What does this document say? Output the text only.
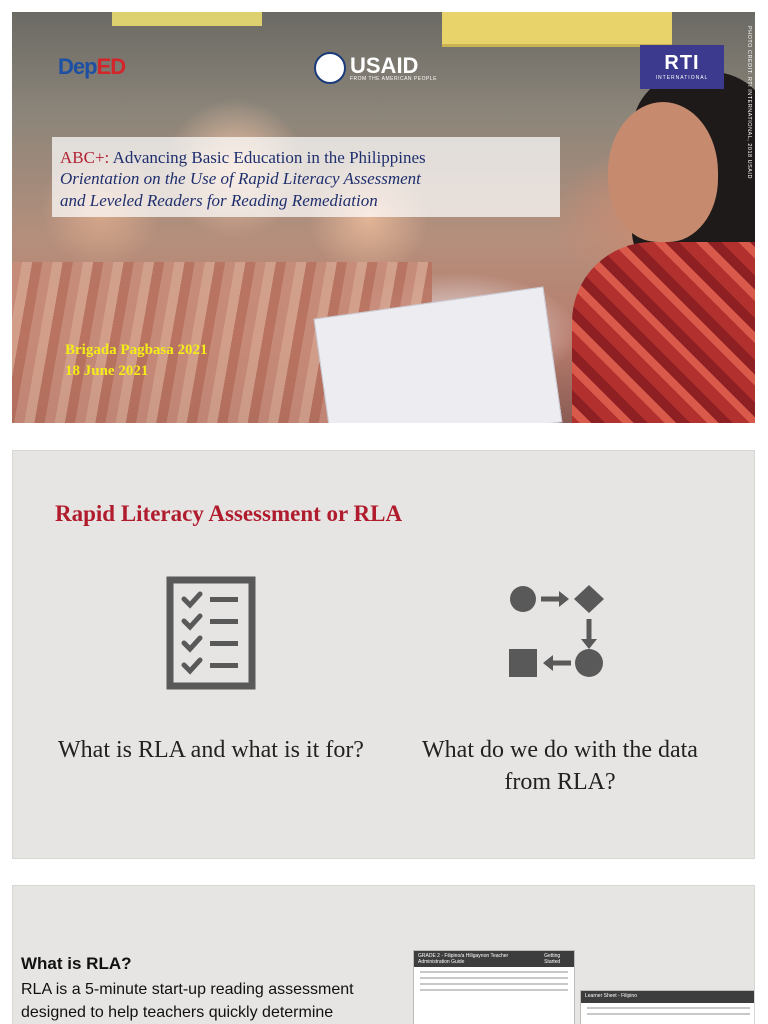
DepED	USAID
FROM THE AMERICAN PEOPLE
RTI
INTERNATIONAL	PHOTO CREDIT: RTI INTERNATIONAL, 2018 USAID
ABC+: Advancing Basic Education in the Philippines
Orientation on the Use of Rapid Literacy Assessment
and Leveled Readers for Reading Remediation
Brigada Pagbasa 2021
18 June 2021
Rapid Literacy Assessment or RLA
What is RLA and what is it for?	What do we do with the data from RLA?
What is RLA?
RLA is a 5-minute start-up reading assessment designed to help teachers quickly determine
GRADE 2 - Filipino/a Hiligaynon Teacher Administration Guide
Getting Started
Learner Sheet - Filipino
